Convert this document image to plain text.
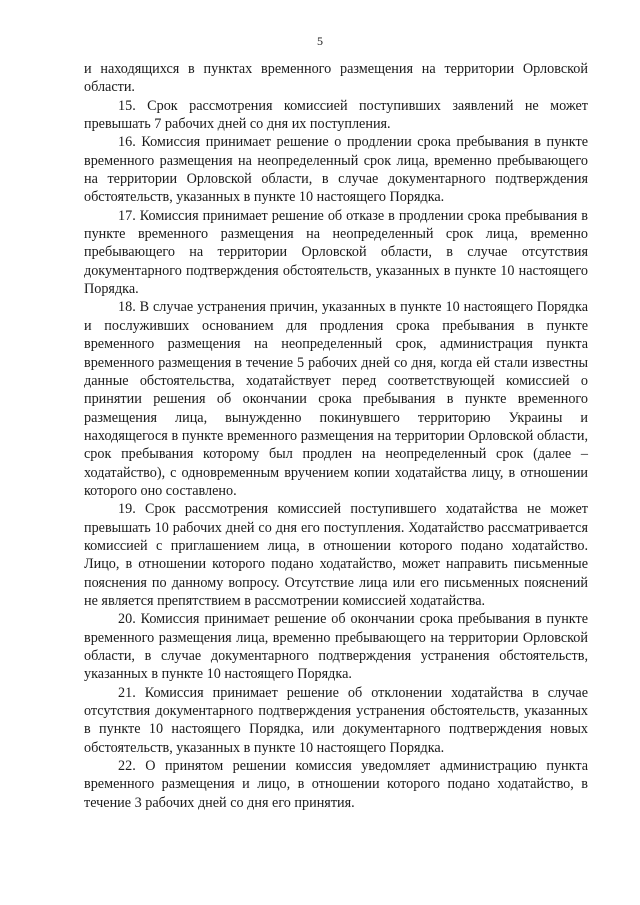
5

и находящихся в пунктах временного размещения на территории Орловской области.

15. Срок рассмотрения комиссией поступивших заявлений не может превышать 7 рабочих дней со дня их поступления.

16. Комиссия принимает решение о продлении срока пребывания в пункте временного размещения на неопределенный срок лица, временно пребывающего на территории Орловской области, в случае документарного подтверждения обстоятельств, указанных в пункте 10 настоящего Порядка.

17. Комиссия принимает решение об отказе в продлении срока пребывания в пункте временного размещения на неопределенный срок лица, временно пребывающего на территории Орловской области, в случае отсутствия документарного подтверждения обстоятельств, указанных в пункте 10 настоящего Порядка.

18. В случае устранения причин, указанных в пункте 10 настоящего Порядка и послуживших основанием для продления срока пребывания в пункте временного размещения на неопределенный срок, администрация пункта временного размещения в течение 5 рабочих дней со дня, когда ей стали известны данные обстоятельства, ходатайствует перед соответствующей комиссией о принятии решения об окончании срока пребывания в пункте временного размещения лица, вынужденно покинувшего территорию Украины и находящегося в пункте временного размещения на территории Орловской области, срок пребывания которому был продлен на неопределенный срок (далее – ходатайство), с одновременным вручением копии ходатайства лицу, в отношении которого оно составлено.

19. Срок рассмотрения комиссией поступившего ходатайства не может превышать 10 рабочих дней со дня его поступления. Ходатайство рассматривается комиссией с приглашением лица, в отношении которого подано ходатайство. Лицо, в отношении которого подано ходатайство, может направить письменные пояснения по данному вопросу. Отсутствие лица или его письменных пояснений не является препятствием в рассмотрении комиссией ходатайства.

20. Комиссия принимает решение об окончании срока пребывания в пункте временного размещения лица, временно пребывающего на территории Орловской области, в случае документарного подтверждения устранения обстоятельств, указанных в пункте 10 настоящего Порядка.

21. Комиссия принимает решение об отклонении ходатайства в случае отсутствия документарного подтверждения устранения обстоятельств, указанных в пункте 10 настоящего Порядка, или документарного подтверждения новых обстоятельств, указанных в пункте 10 настоящего Порядка.

22. О принятом решении комиссия уведомляет администрацию пункта временного размещения и лицо, в отношении которого подано ходатайство, в течение 3 рабочих дней со дня его принятия.
